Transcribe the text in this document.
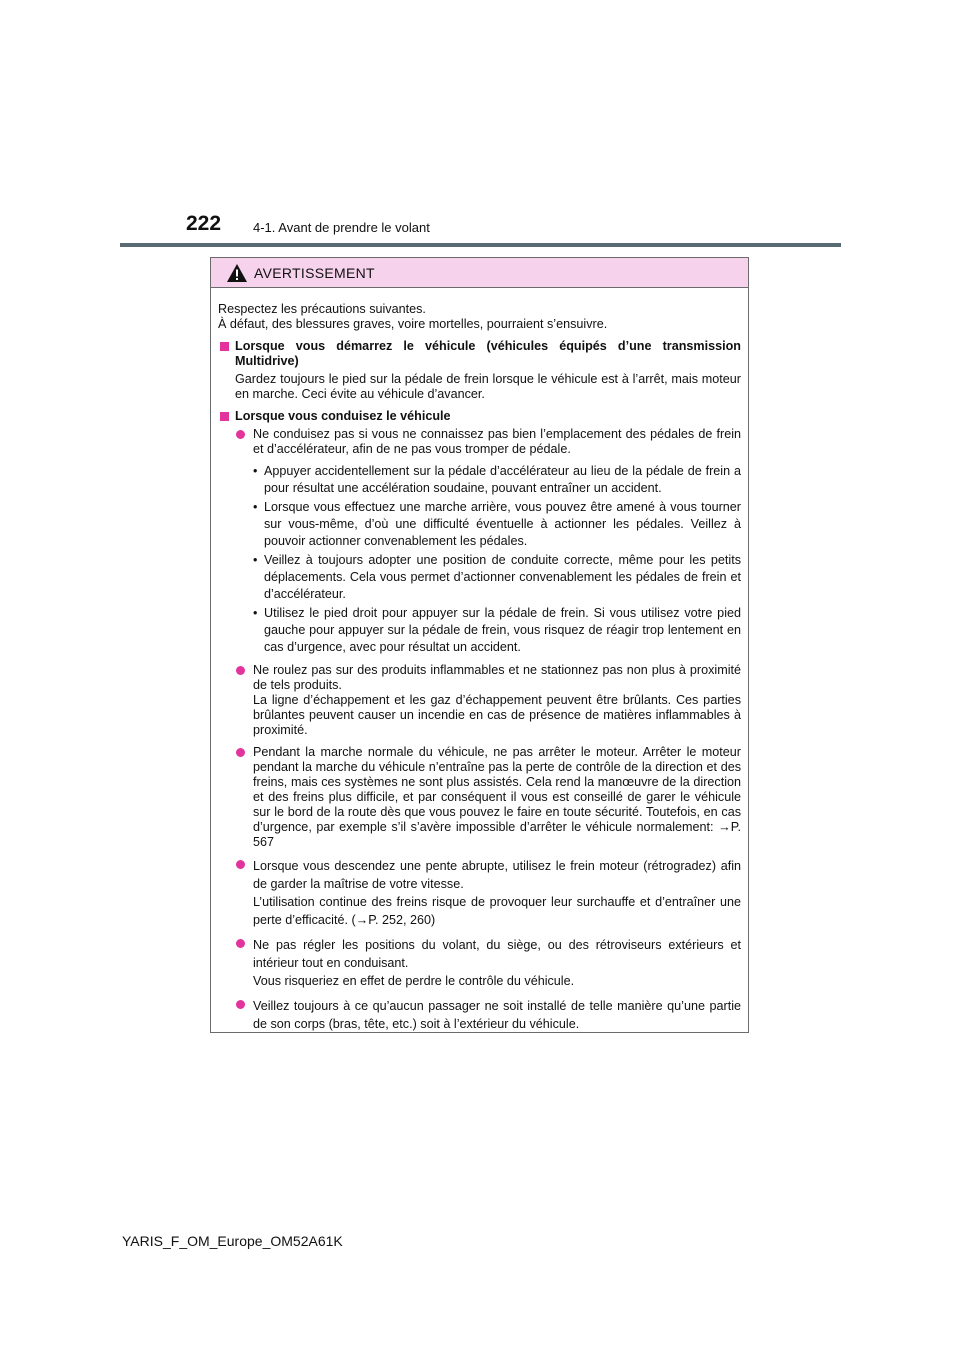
222 4-1. Avant de prendre le volant
AVERTISSEMENT

Respectez les précautions suivantes.

À défaut, des blessures graves, voire mortelles, pourraient s’ensuivre.

Lorsque vous démarrez le véhicule (véhicules équipés d’une transmission Multidrive)

Gardez toujours le pied sur la pédale de frein lorsque le véhicule est à l’arrêt, mais moteur en marche. Ceci évite au véhicule d’avancer.

Lorsque vous conduisez le véhicule

Ne conduisez pas si vous ne connaissez pas bien l’emplacement des pédales de frein et d’accélérateur, afin de ne pas vous tromper de pédale.

• Appuyer accidentellement sur la pédale d’accélérateur au lieu de la pédale de frein a pour résultat une accélération soudaine, pouvant entraîner un accident.
• Lorsque vous effectuez une marche arrière, vous pouvez être amené à vous tourner sur vous-même, d’où une difficulté éventuelle à actionner les pédales. Veillez à pouvoir actionner convenablement les pédales.
• Veillez à toujours adopter une position de conduite correcte, même pour les petits déplacements. Cela vous permet d’actionner convenablement les pédales de frein et d’accélérateur.
• Utilisez le pied droit pour appuyer sur la pédale de frein. Si vous utilisez votre pied gauche pour appuyer sur la pédale de frein, vous risquez de réagir trop lentement en cas d’urgence, avec pour résultat un accident.

Ne roulez pas sur des produits inflammables et ne stationnez pas non plus à proximité de tels produits.

La ligne d’échappement et les gaz d’échappement peuvent être brûlants. Ces parties brûlantes peuvent causer un incendie en cas de présence de matières inflammables à proximité.

Pendant la marche normale du véhicule, ne pas arrêter le moteur. Arrêter le moteur pendant la marche du véhicule n’entraîne pas la perte de contrôle de la direction et des freins, mais ces systèmes ne sont plus assistés. Cela rend la manœuvre de la direction et des freins plus difficile, et par conséquent il vous est conseillé de garer le véhicule sur le bord de la route dès que vous pouvez le faire en toute sécurité. Toutefois, en cas d’urgence, par exemple s’il s’avère impossible d’arrêter le véhicule normalement: →P. 567

Lorsque vous descendez une pente abrupte, utilisez le frein moteur (rétrogradez) afin de garder la maîtrise de votre vitesse.

L’utilisation continue des freins risque de provoquer leur surchauffe et d’entraîner une perte d’efficacité. (→P. 252, 260)

Ne pas régler les positions du volant, du siège, ou des rétroviseurs extérieurs et intérieur tout en conduisant.

Vous risqueriez en effet de perdre le contrôle du véhicule.

Veillez toujours à ce qu’aucun passager ne soit installé de telle manière qu’une partie de son corps (bras, tête, etc.) soit à l’extérieur du véhicule.

YARIS_F_OM_Europe_OM52A61K
